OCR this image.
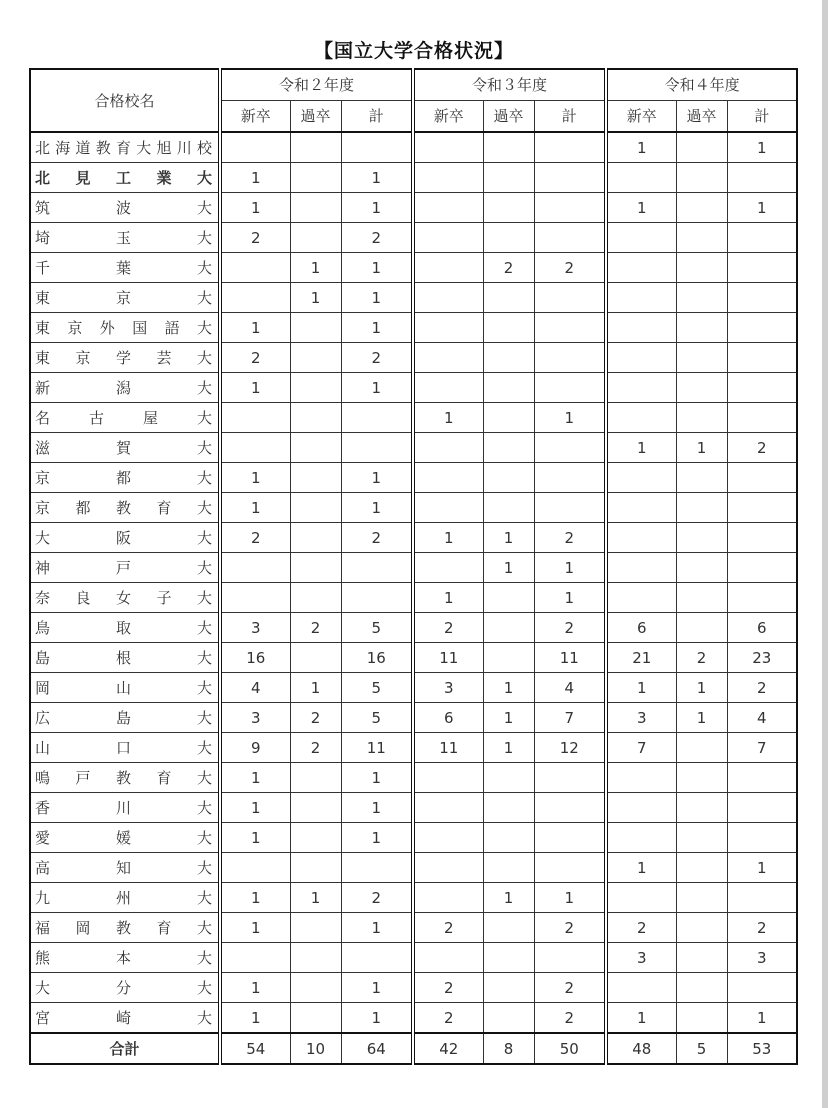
【国立大学合格状況】
合格校名	令和２年度			令和３年度			令和４年度		
	新卒	過卒	計	新卒	過卒	計	新卒	過卒	計
北海道教育大旭川校							1		1
北見工業大	1		1						
筑波大	1		1				1		1
埼玉大	2		2						
千葉大		1	1		2	2			
東京大		1	1						
東京外国語大	1		1						
東京学芸大	2		2						
新潟大	1		1						
名古屋大				1		1			
滋賀大							1	1	2
京都大	1		1						
京都教育大	1		1						
大阪大	2		2	1	1	2			
神戸大					1	1			
奈良女子大				1		1			
鳥取大	3	2	5	2		2	6		6
島根大	16		16	11		11	21	2	23
岡山大	4	1	5	3	1	4	1	1	2
広島大	3	2	5	6	1	7	3	1	4
山口大	9	2	11	11	1	12	7		7
鳴戸教育大	1		1						
香川大	1		1						
愛媛大	1		1						
高知大							1		1
九州大	1	1	2		1	1			
福岡教育大	1		1	2		2	2		2
熊本大							3		3
大分大	1		1	2		2			
宮崎大	1		1	2		2	1		1
合計	54	10	64	42	8	50	48	5	53
